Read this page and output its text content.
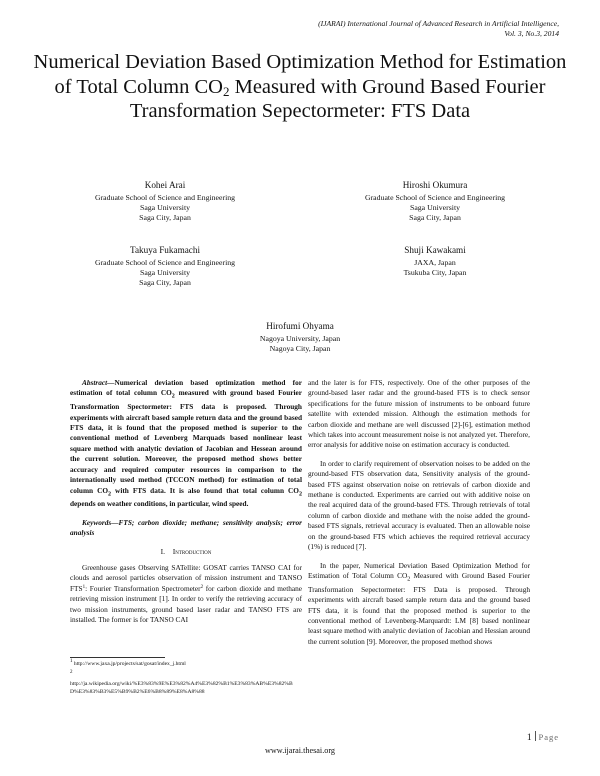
(IJARAI) International Journal of Advanced Research in Artificial Intelligence,
Vol. 3, No.3, 2014
Numerical Deviation Based Optimization Method for Estimation of Total Column $CO_2$ Measured with Ground Based Fourier Transformation Sepectormeter: FTS Data
Kohei Arai
Graduate School of Science and Engineering
Saga University
Saga City, Japan
Hiroshi Okumura
Graduate School of Science and Engineering
Saga University
Saga City, Japan
Takuya Fukamachi
Graduate School of Science and Engineering
Saga University
Saga City, Japan
Shuji Kawakami
JAXA, Japan
Tsukuba City, Japan
Hirofumi Ohyama
Nagoya University, Japan
Nagoya City, Japan

Abstract—Numerical deviation based optimization method for estimation of total column $CO_2$ measured with ground based Fourier Transformation Spectormeter: FTS data is proposed. Through experiments with aircraft based sample return data and the ground based FTS data, it is found that the proposed method is superior to the conventional method of Levenberg Marquads based nonlinear least square method with analytic deviation of Jacobian and Hessean around the current solution. Moreover, the proposed method shows better accuracy and required computer resources in comparison to the internationally used method (TCCON method) for estimation of total column $CO_2$ with FTS data. It is also found that total column $CO_2$ depends on weather conditions, in particular, wind speed.

Keywords—FTS; carbon dioxide; methane; sensitivity analysis; error analysis

I. Introduction

Greenhouse gases Observing SATellite: GOSAT carries TANSO CAI for clouds and aerosol particles observation of mission instrument and TANSO FTS$^1$: Fourier Transformation Spectrometer$^2$ for carbon dioxide and methane retrieving mission instrument [1]. In order to verify the retrieving accuracy of two mission instruments, ground based laser radar and TANSO FTS are installed. The former is for TANSO CAI

and the later is for FTS, respectively. One of the other purposes of the ground-based laser radar and the ground-based FTS is to check sensor specifications for the future mission of instruments to be onboard future satellite with extended mission. Although the estimation methods for carbon dioxide and methane are well discussed [2]-[6], estimation method which takes into account measurement noise is not analyzed yet. Therefore, error analysis for additive noise on estimation accuracy is conducted.

In order to clarify requirement of observation noises to be added on the ground-based FTS observation data, Sensitivity analysis of the ground-based FTS against observation noise on retrievals of carbon dioxide and methane is conducted. Experiments are carried out with additive noise on the real acquired data of the ground-based FTS. Through retrievals of total column of carbon dioxide and methane with the noise added the ground-based FTS signals, retrieval accuracy is evaluated. Then an allowable noise on the ground-based FTS which achieves the required retrieval accuracy (1%) is reduced [7].

In the paper, Numerical Deviation Based Optimization Method for Estimation of Total Column $CO_2$ Measured with Ground Based Fourier Transformation Sepectormeter: FTS Data is proposed. Through experiments with aircraft based sample return data and the ground based FTS data, it is found that the proposed method is superior to the conventional method of Levenberg-Marquardt: LM [8] based nonlinear least square method with analytic deviation of Jacobian and Hessian around the current solution [9]. Moreover, the proposed method shows

$^1$ http://www.jaxa.jp/projects/sat/gosat/index_j.html
$^2$
http://ja.wikipedia.org/wiki/%E3%83%9E%E3%82%A4%E3%82%B1%E3%83%AB%E3%82%BD%E3%83%B3%E5%B9%B2%E6%B8%89%E8%A8%88
1 Page
www.ijarai.thesai.org
